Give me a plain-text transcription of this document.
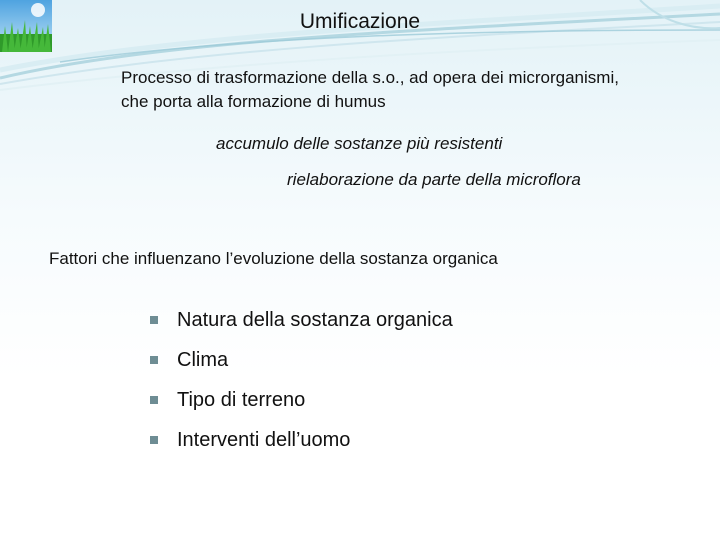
Umificazione
Processo di trasformazione della s.o., ad opera dei microrganismi, che porta alla formazione di humus
accumulo delle sostanze più resistenti
rielaborazione da parte della microflora
Fattori che influenzano l’evoluzione della sostanza organica
Natura della sostanza organica
Clima
Tipo di terreno
Interventi dell’uomo
